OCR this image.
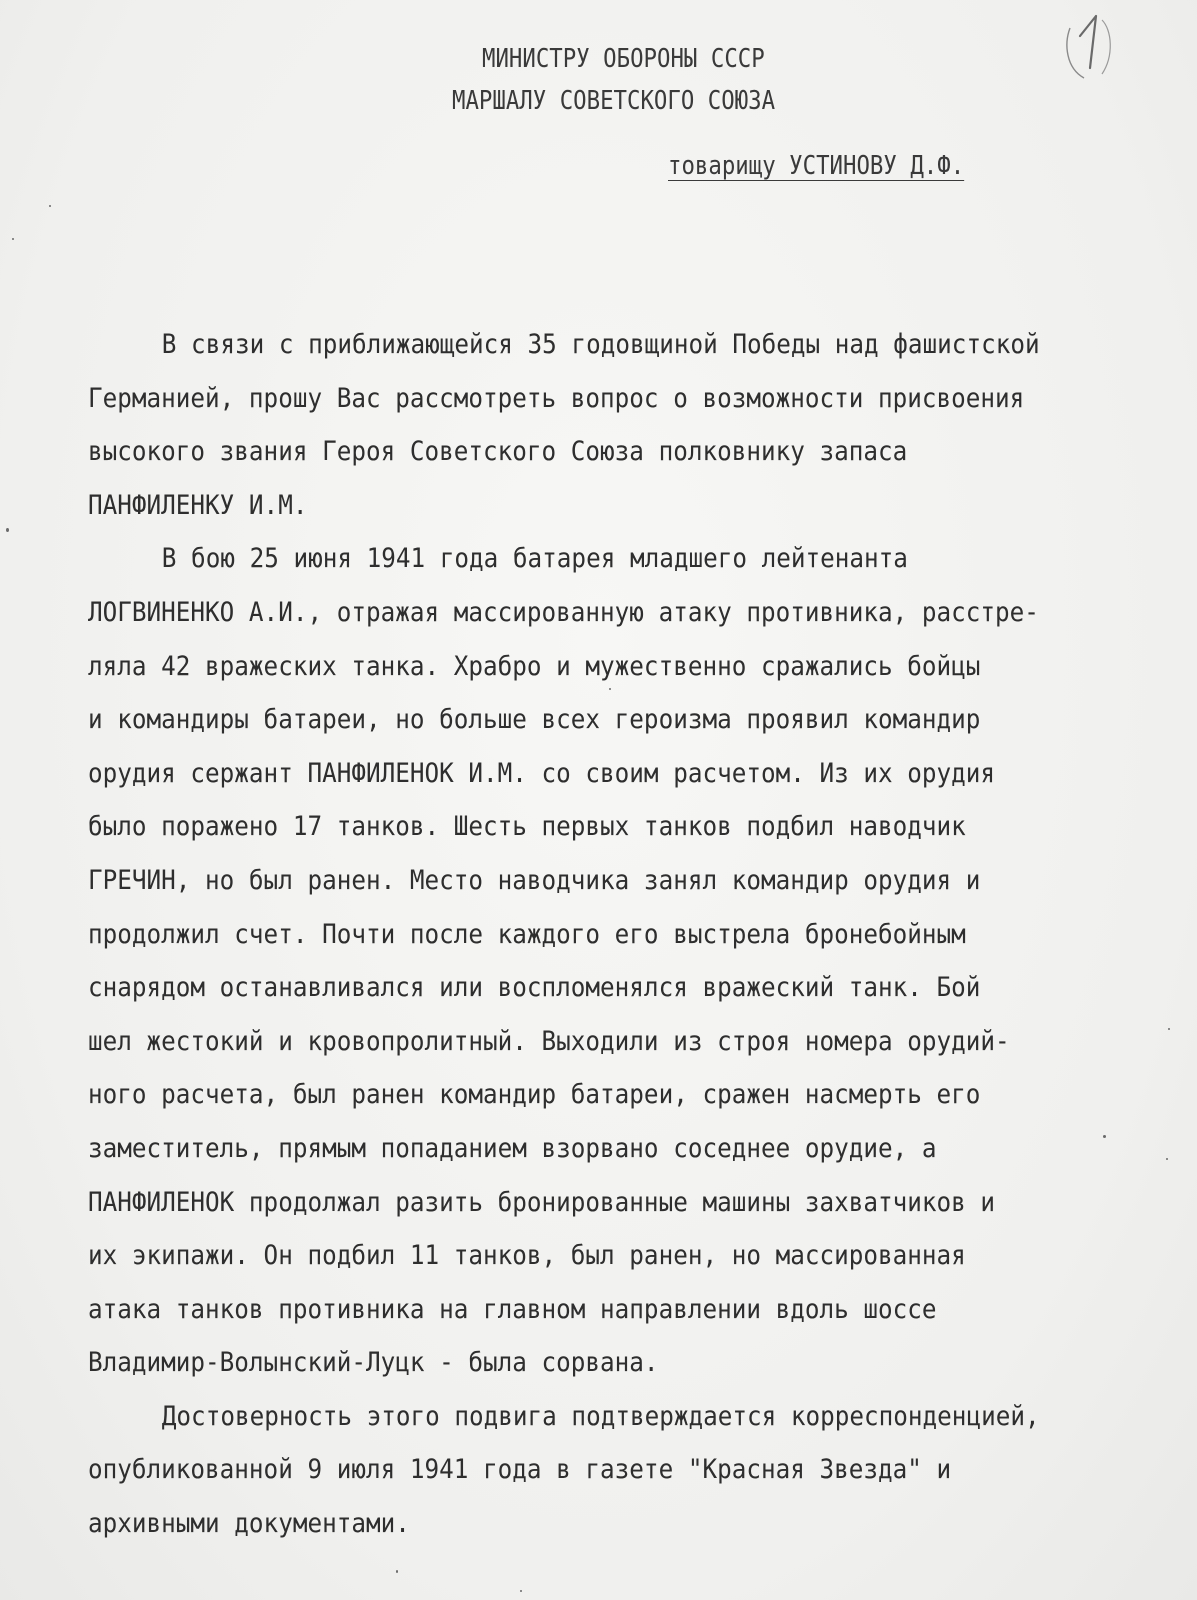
МИНИСТРУ ОБОРОНЫ СССР
МАРШАЛУ СОВЕТСКОГО СОЮЗА
товарищу УСТИНОВУ Д.Ф.
В связи с приближающейся 35 годовщиной Победы над фашистской
Германией, прошу Вас рассмотреть вопрос о возможности присвоения
высокого звания Героя Советского Союза полковнику запаса
ПАНФИЛЕНКУ И.М.
В бою 25 июня 1941 года батарея младшего лейтенанта
ЛОГВИНЕНКО А.И., отражая массированную атаку противника, расстре-
ляла 42 вражеских танка. Храбро и мужественно сражались бойцы
и командиры батареи, но больше всех героизма проявил командир
орудия сержант ПАНФИЛЕНОК И.М. со своим расчетом. Из их орудия
было поражено 17 танков. Шесть первых танков подбил наводчик
ГРЕЧИН, но был ранен. Место наводчика занял командир орудия и
продолжил счет. Почти после каждого его выстрела бронебойным
снарядом останавливался или воспломенялся вражеский танк. Бой
шел жестокий и кровопролитный. Выходили из строя номера орудий-
ного расчета, был ранен командир батареи, сражен насмерть его
заместитель, прямым попаданием взорвано соседнее орудие, а
ПАНФИЛЕНОК продолжал разить бронированные машины захватчиков и
их экипажи. Он подбил 11 танков, был ранен, но массированная
атака танков противника на главном направлении вдоль шоссе
Владимир-Волынский-Луцк - была сорвана.
Достоверность этого подвига подтверждается корреспонденцией,
опубликованной 9 июля 1941 года в газете "Красная Звезда" и
архивными документами.
